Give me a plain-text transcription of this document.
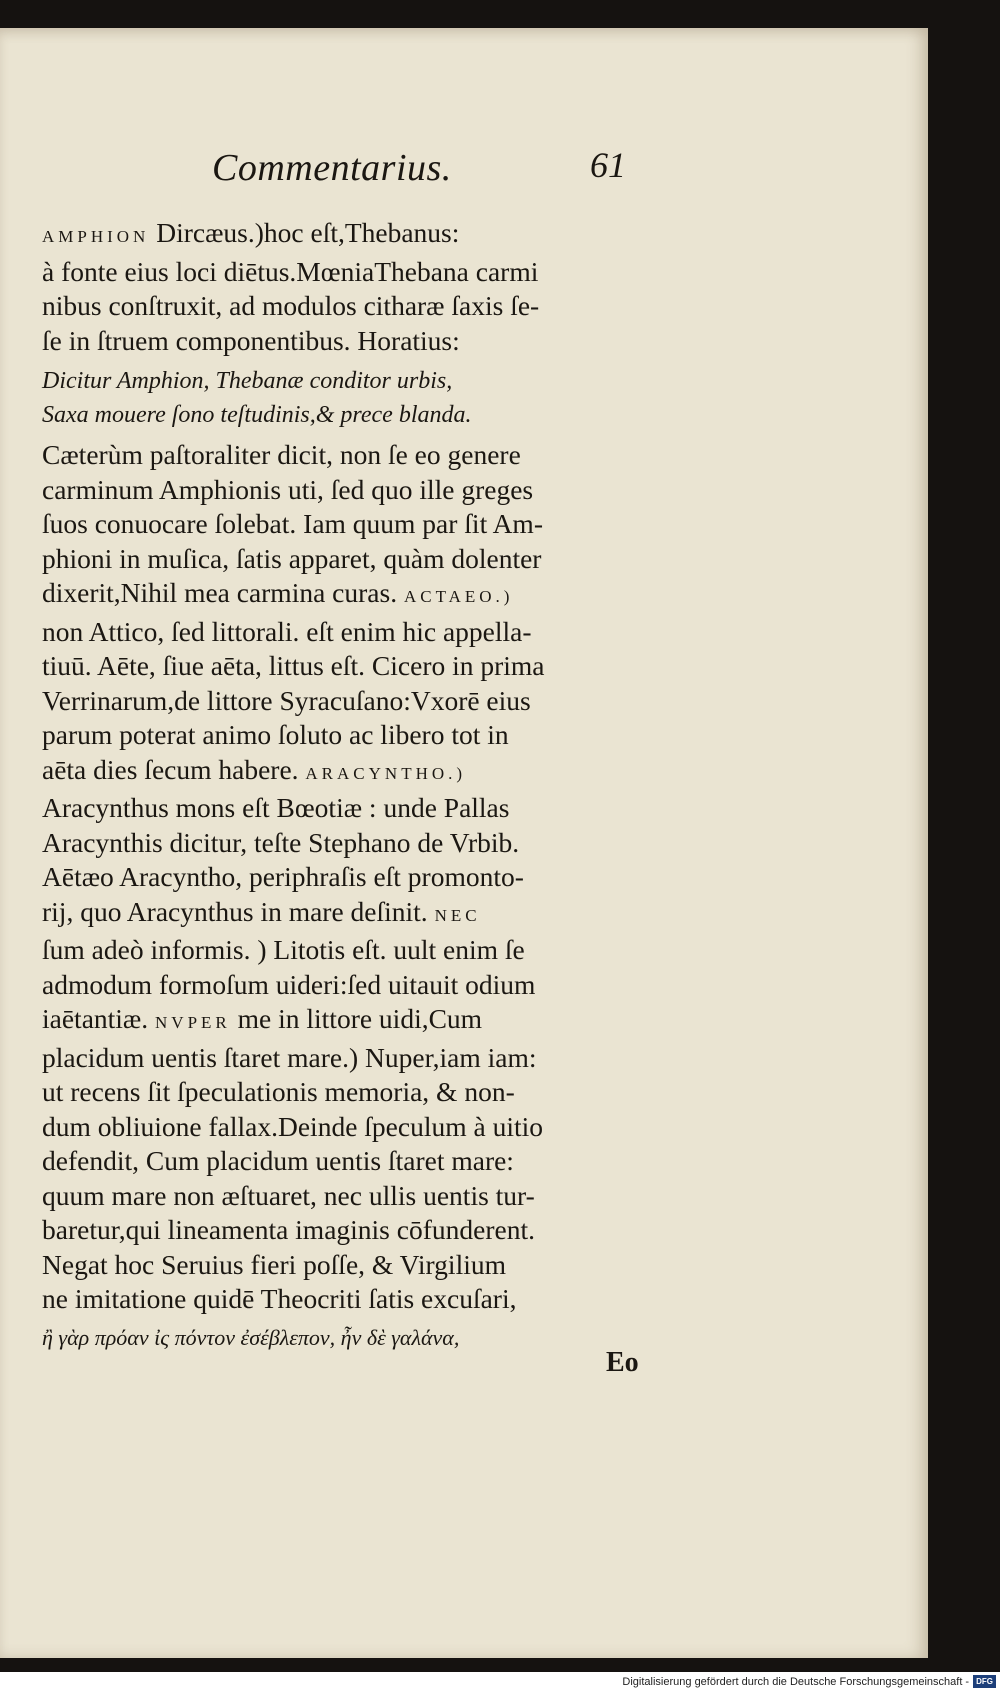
Commentarius.	61
AMPHION Dircæus.)hoc eſt,Thebanus:
à fonte eius loci diētus.MœniaThebana carmi
nibus conſtruxit, ad modulos citharæ ſaxis ſe-
ſe in ſtruem componentibus. Horatius:
Dicitur Amphion, Thebanæ conditor urbis,
Saxa mouere ſono teſtudinis,& prece blanda.
Cæterùm paſtoraliter dicit, non ſe eo genere
carminum Amphionis uti, ſed quo ille greges
ſuos conuocare ſolebat. Iam quum par ſit Am-
phioni in muſica, ſatis apparet, quàm dolenter
dixerit,Nihil mea carmina curas. ACTAEO.)
non Attico, ſed littorali. eſt enim hic appella-
tiuū. Aēte, ſiue aēta, littus eſt. Cicero in prima
Verrinarum,de littore Syracuſano:Vxorē eius
parum poterat animo ſoluto ac libero tot in
aēta dies ſecum habere. ARACYNTHO.)
Aracynthus mons eſt Bœotiæ : unde Pallas
Aracynthis dicitur, teſte Stephano de Vrbib.
Aētæo Aracyntho, periphraſis eſt promonto-
rij, quo Aracynthus in mare deſinit. NEC
ſum adeò informis. ) Litotis eſt. uult enim ſe
admodum formoſum uideri:ſed uitauit odium
iaētantiæ. NVPER me in littore uidi,Cum
placidum uentis ſtaret mare.) Nuper,iam iam:
ut recens ſit ſpeculationis memoria, & non-
dum obliuione fallax.Deinde ſpeculum à uitio
defendit, Cum placidum uentis ſtaret mare:
quum mare non æſtuaret, nec ullis uentis tur-
baretur,qui lineamenta imaginis cōfunderent.
Negat hoc Seruius fieri poſſe, & Virgilium
ne imitatione quidē Theocriti ſatis excuſari,
ἢ γὰρ πρόαν ἰς πόντον ἐσέβλεπον, ἦν δὲ γαλάνα,
Eo
Digitalisierung gefördert durch die Deutsche Forschungsgemeinschaft - DFG
